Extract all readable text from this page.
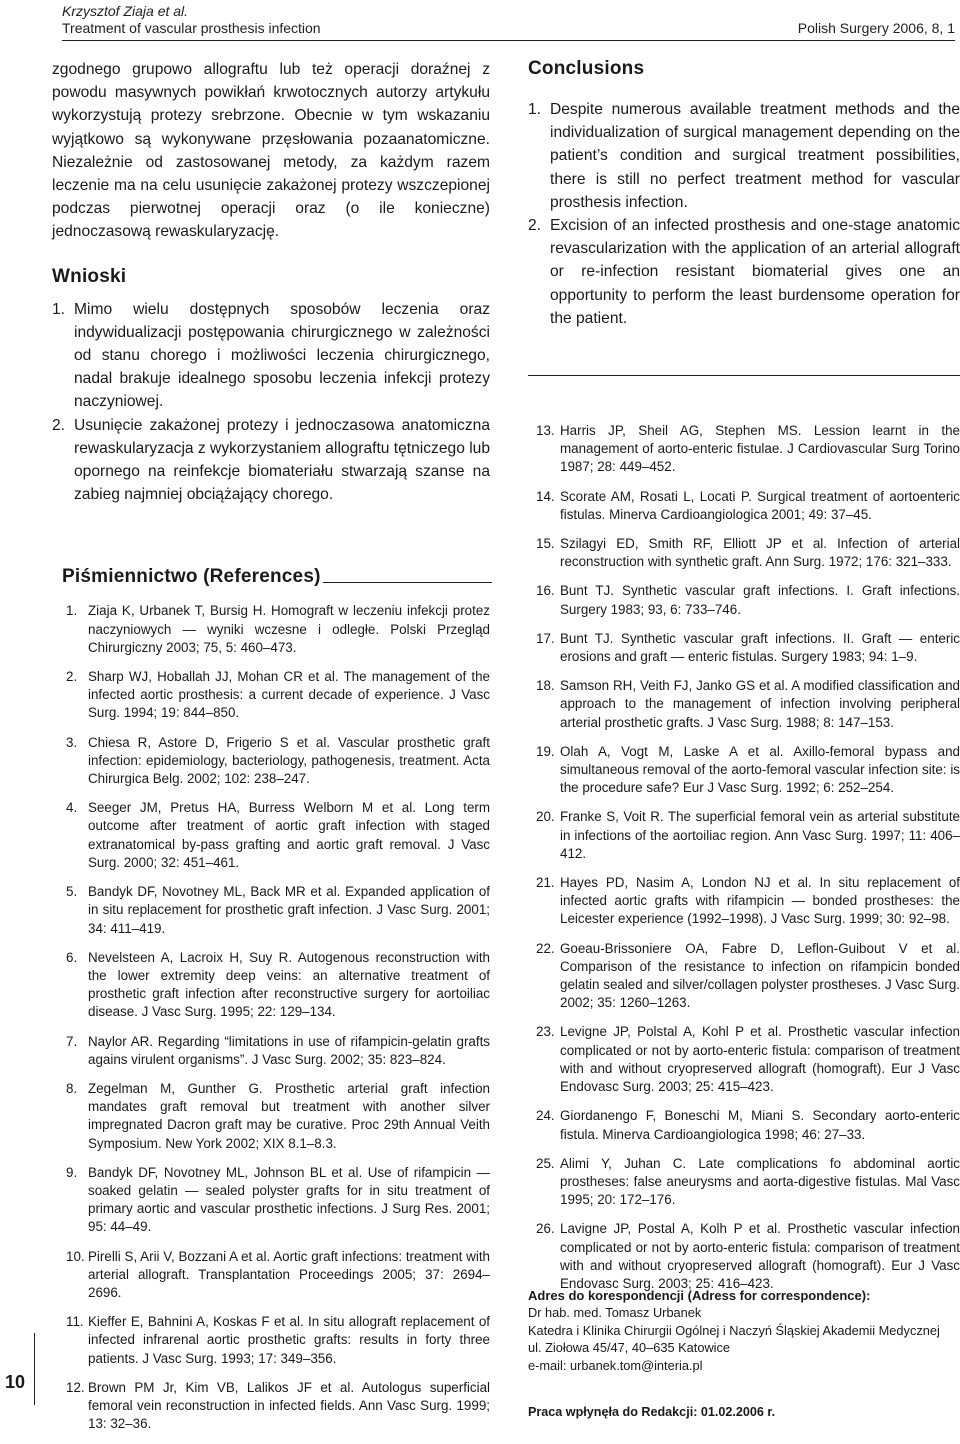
Krzysztof Ziaja et al.
Treatment of vascular prosthesis infection	Polish Surgery 2006, 8, 1

zgodnego grupowo allograftu lub też operacji doraźnej z powodu masywnych powikłań krwotocznych autorzy artykułu wykorzystują protezy srebrzone. Obecnie w tym wskazaniu wyjątkowo są wykonywane przęsłowania pozaanatomiczne. Niezależnie od zastosowanej metody, za każdym razem leczenie ma na celu usunięcie zakażonej protezy wszczepionej podczas pierwotnej operacji oraz (o ile konieczne) jednoczasową rewaskularyzację.

Wnioski
1. Mimo wielu dostępnych sposobów leczenia oraz indywidualizacji postępowania chirurgicznego w zależności od stanu chorego i możliwości leczenia chirurgicznego, nadal brakuje idealnego sposobu leczenia infekcji protezy naczyniowej.
2. Usunięcie zakażonej protezy i jednoczasowa anatomiczna rewaskularyzacja z wykorzystaniem allograftu tętniczego lub opornego na reinfekcje biomateriału stwarzają szanse na zabieg najmniej obciążający chorego.
Piśmiennictwo (References)
1. Ziaja K, Urbanek T, Bursig H. Homograft w leczeniu infekcji protez naczyniowych — wyniki wczesne i odległe. Polski Przegląd Chirurgiczny 2003; 75, 5: 460–473.
2. Sharp WJ, Hoballah JJ, Mohan CR et al. The management of the infected aortic prosthesis: a current decade of experience. J Vasc Surg. 1994; 19: 844–850.
3. Chiesa R, Astore D, Frigerio S et al. Vascular prosthetic graft infection: epidemiology, bacteriology, pathogenesis, treatment. Acta Chirurgica Belg. 2002; 102: 238–247.
4. Seeger JM, Pretus HA, Burress Welborn M et al. Long term outcome after treatment of aortic graft infection with staged extranatomical by-pass grafting and aortic graft removal. J Vasc Surg. 2000; 32: 451–461.
5. Bandyk DF, Novotney ML, Back MR et al. Expanded application of in situ replacement for prosthetic graft infection. J Vasc Surg. 2001; 34: 411–419.
6. Nevelsteen A, Lacroix H, Suy R. Autogenous reconstruction with the lower extremity deep veins: an alternative treatment of prosthetic graft infection after reconstructive surgery for aortoiliac disease. J Vasc Surg. 1995; 22: 129–134.
7. Naylor AR. Regarding “limitations in use of rifampicin-gelatin grafts agains virulent organisms”. J Vasc Surg. 2002; 35: 823–824.
8. Zegelman M, Gunther G. Prosthetic arterial graft infection mandates graft removal but treatment with another silver impregnated Dacron graft may be curative. Proc 29th Annual Veith Symposium. New York 2002; XIX 8.1–8.3.
9. Bandyk DF, Novotney ML, Johnson BL et al. Use of rifampicin — soaked gelatin — sealed polyster grafts for in situ treatment of primary aortic and vascular prosthetic infections. J Surg Res. 2001; 95: 44–49.
10. Pirelli S, Arii V, Bozzani A et al. Aortic graft infections: treatment with arterial allograft. Transplantation Proceedings 2005; 37: 2694–2696.
11. Kieffer E, Bahnini A, Koskas F et al. In situ allograft replacement of infected infrarenal aortic prosthetic grafts: results in forty three patients. J Vasc Surg. 1993; 17: 349–356.
12. Brown PM Jr, Kim VB, Lalikos JF et al. Autologus superficial femoral vein reconstruction in infected fields. Ann Vasc Surg. 1999; 13: 32–36.
Conclusions
1. Despite numerous available treatment methods and the individualization of surgical management depending on the patient’s condition and surgical treatment possibilities, there is still no perfect treatment method for vascular prosthesis infection.
2. Excision of an infected prosthesis and one-stage anatomic revascularization with the application of an arterial allograft or re-infection resistant biomaterial gives one an opportunity to perform the least burdensome operation for the patient.
13. Harris JP, Sheil AG, Stephen MS. Lession learnt in the management of aorto-enteric fistulae. J Cardiovascular Surg Torino 1987; 28: 449–452.
14. Scorate AM, Rosati L, Locati P. Surgical treatment of aortoenteric fistulas. Minerva Cardioangiologica 2001; 49: 37–45.
15. Szilagyi ED, Smith RF, Elliott JP et al. Infection of arterial reconstruction with synthetic graft. Ann Surg. 1972; 176: 321–333.
16. Bunt TJ. Synthetic vascular graft infections. I. Graft infections. Surgery 1983; 93, 6: 733–746.
17. Bunt TJ. Synthetic vascular graft infections. II. Graft — enteric erosions and graft — enteric fistulas. Surgery 1983; 94: 1–9.
18. Samson RH, Veith FJ, Janko GS et al. A modified classification and approach to the management of infection involving peripheral arterial prosthetic grafts. J Vasc Surg. 1988; 8: 147–153.
19. Olah A, Vogt M, Laske A et al. Axillo-femoral bypass and simultaneous removal of the aorto-femoral vascular infection site: is the procedure safe? Eur J Vasc Surg. 1992; 6: 252–254.
20. Franke S, Voit R. The superficial femoral vein as arterial substitute in infections of the aortoiliac region. Ann Vasc Surg. 1997; 11: 406–412.
21. Hayes PD, Nasim A, London NJ et al. In situ replacement of infected aortic grafts with rifampicin — bonded prostheses: the Leicester experience (1992–1998). J Vasc Surg. 1999; 30: 92–98.
22. Goeau-Brissoniere OA, Fabre D, Leflon-Guibout V et al. Comparison of the resistance to infection on rifampicin bonded gelatin sealed and silver/collagen polyster prostheses. J Vasc Surg. 2002; 35: 1260–1263.
23. Levigne JP, Polstal A, Kohl P et al. Prosthetic vascular infection complicated or not by aorto-enteric fistula: comparison of treatment with and without cryopreserved allograft (homograft). Eur J Vasc Endovasc Surg. 2003; 25: 415–423.
24. Giordanengo F, Boneschi M, Miani S. Secondary aorto-enteric fistula. Minerva Cardioangiologica 1998; 46: 27–33.
25. Alimi Y, Juhan C. Late complications fo abdominal aortic prostheses: false aneurysms and aorta-digestive fistulas. Mal Vasc 1995; 20: 172–176.
26. Lavigne JP, Postal A, Kolh P et al. Prosthetic vascular infection complicated or not by aorto-enteric fistula: comparison of treatment with and without cryopreserved allograft (homograft). Eur J Vasc Endovasc Surg. 2003; 25: 416–423.
Adres do korespondencji (Adress for correspondence):
Dr hab. med. Tomasz Urbanek
Katedra i Klinika Chirurgii Ogólnej i Naczyń Śląskiej Akademii Medycznej
ul. Ziołowa 45/47, 40–635 Katowice
e-mail: urbanek.tom@interia.pl
Praca wpłynęła do Redakcji: 01.02.2006 r.
10
